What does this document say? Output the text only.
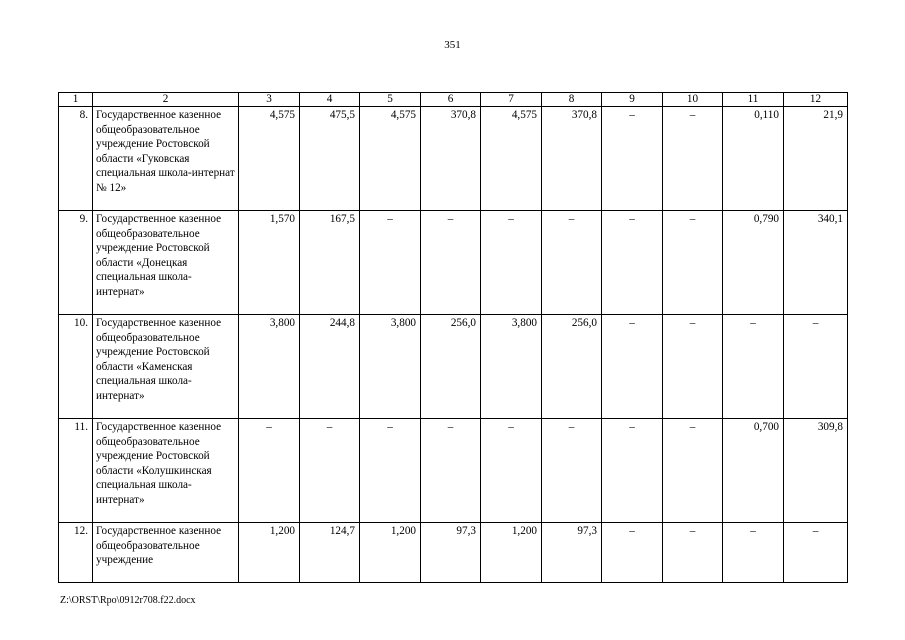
351
1	2	3	4	5	6	7	8	9	10	11	12
8.	Государственное казенное общеобразовательное учреждение Ростовской области «Гуковская специальная школа-интернат № 12»	4,575	475,5	4,575	370,8	4,575	370,8	–	–	0,110	21,9
9.	Государственное казенное общеобразовательное учреждение Ростовской области «Донецкая специальная школа-интернат»	1,570	167,5	–	–	–	–	–	–	0,790	340,1
10.	Государственное казенное общеобразовательное учреждение Ростовской области «Каменская специальная школа-интернат»	3,800	244,8	3,800	256,0	3,800	256,0	–	–	–	–
11.	Государственное казенное общеобразовательное учреждение Ростовской области «Колушкинская специальная школа-интернат»	–	–	–	–	–	–	–	–	0,700	309,8
12.	Государственное казенное общеобразовательное учреждение	1,200	124,7	1,200	97,3	1,200	97,3	–	–	–	–
Z:\ORST\Rpo\0912r708.f22.docx
